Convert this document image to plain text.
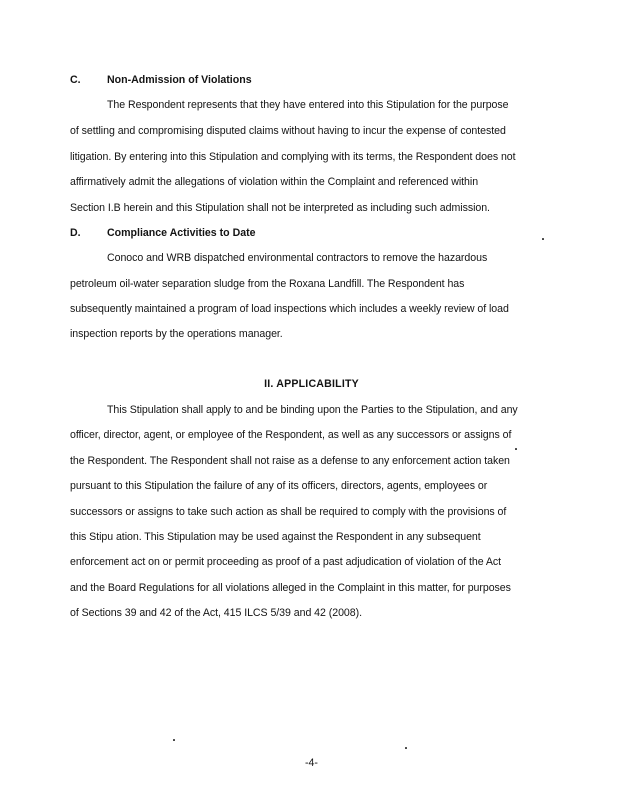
C. Non-Admission of Violations
The Respondent represents that they have entered into this Stipulation for the purpose
of settling and compromising disputed claims without having to incur the expense of contested
litigation. By entering into this Stipulation and complying with its terms, the Respondent does not
affirmatively admit the allegations of violation within the Complaint and referenced within
Section I.B herein and this Stipulation shall not be interpreted as including such admission.
D. Compliance Activities to Date
Conoco and WRB dispatched environmental contractors to remove the hazardous
petroleum oil-water separation sludge from the Roxana Landfill. The Respondent has
subsequently maintained a program of load inspections which includes a weekly review of load
inspection reports by the operations manager.
II. APPLICABILITY
This Stipulation shall apply to and be binding upon the Parties to the Stipulation, and any
officer, director, agent, or employee of the Respondent, as well as any successors or assigns of
the Respondent. The Respondent shall not raise as a defense to any enforcement action taken
pursuant to this Stipulation the failure of any of its officers, directors, agents, employees or
successors or assigns to take such action as shall be required to comply with the provisions of
this Stipu ation. This Stipulation may be used against the Respondent in any subsequent
enforcement act on or permit proceeding as proof of a past adjudication of violation of the Act
and the Board Regulations for all violations alleged in the Complaint in this matter, for purposes
of Sections 39 and 42 of the Act, 415 ILCS 5/39 and 42 (2008).
-4-
